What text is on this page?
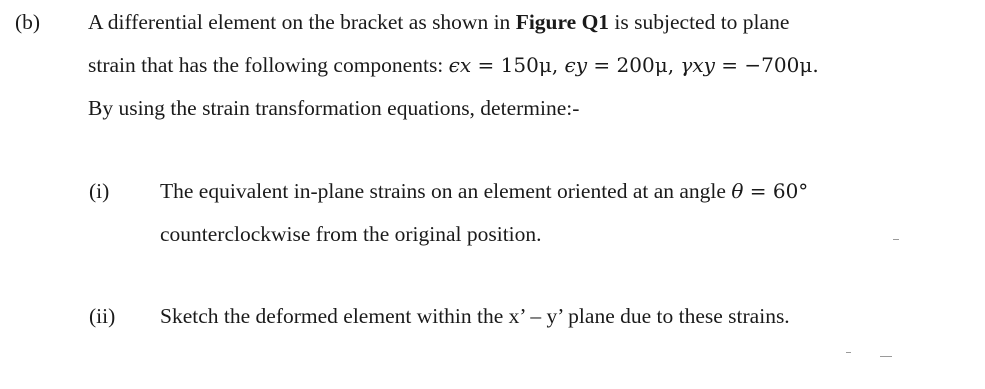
(b) A differential element on the bracket as shown in Figure Q1 is subjected to plane
strain that has the following components: ϵx = 150μ, ϵy = 200μ, γxy = −700μ.
By using the strain transformation equations, determine:-
(i) The equivalent in-plane strains on an element oriented at an angle θ = 60°
counterclockwise from the original position.
(ii) Sketch the deformed element within the x’ – y’ plane due to these strains.
